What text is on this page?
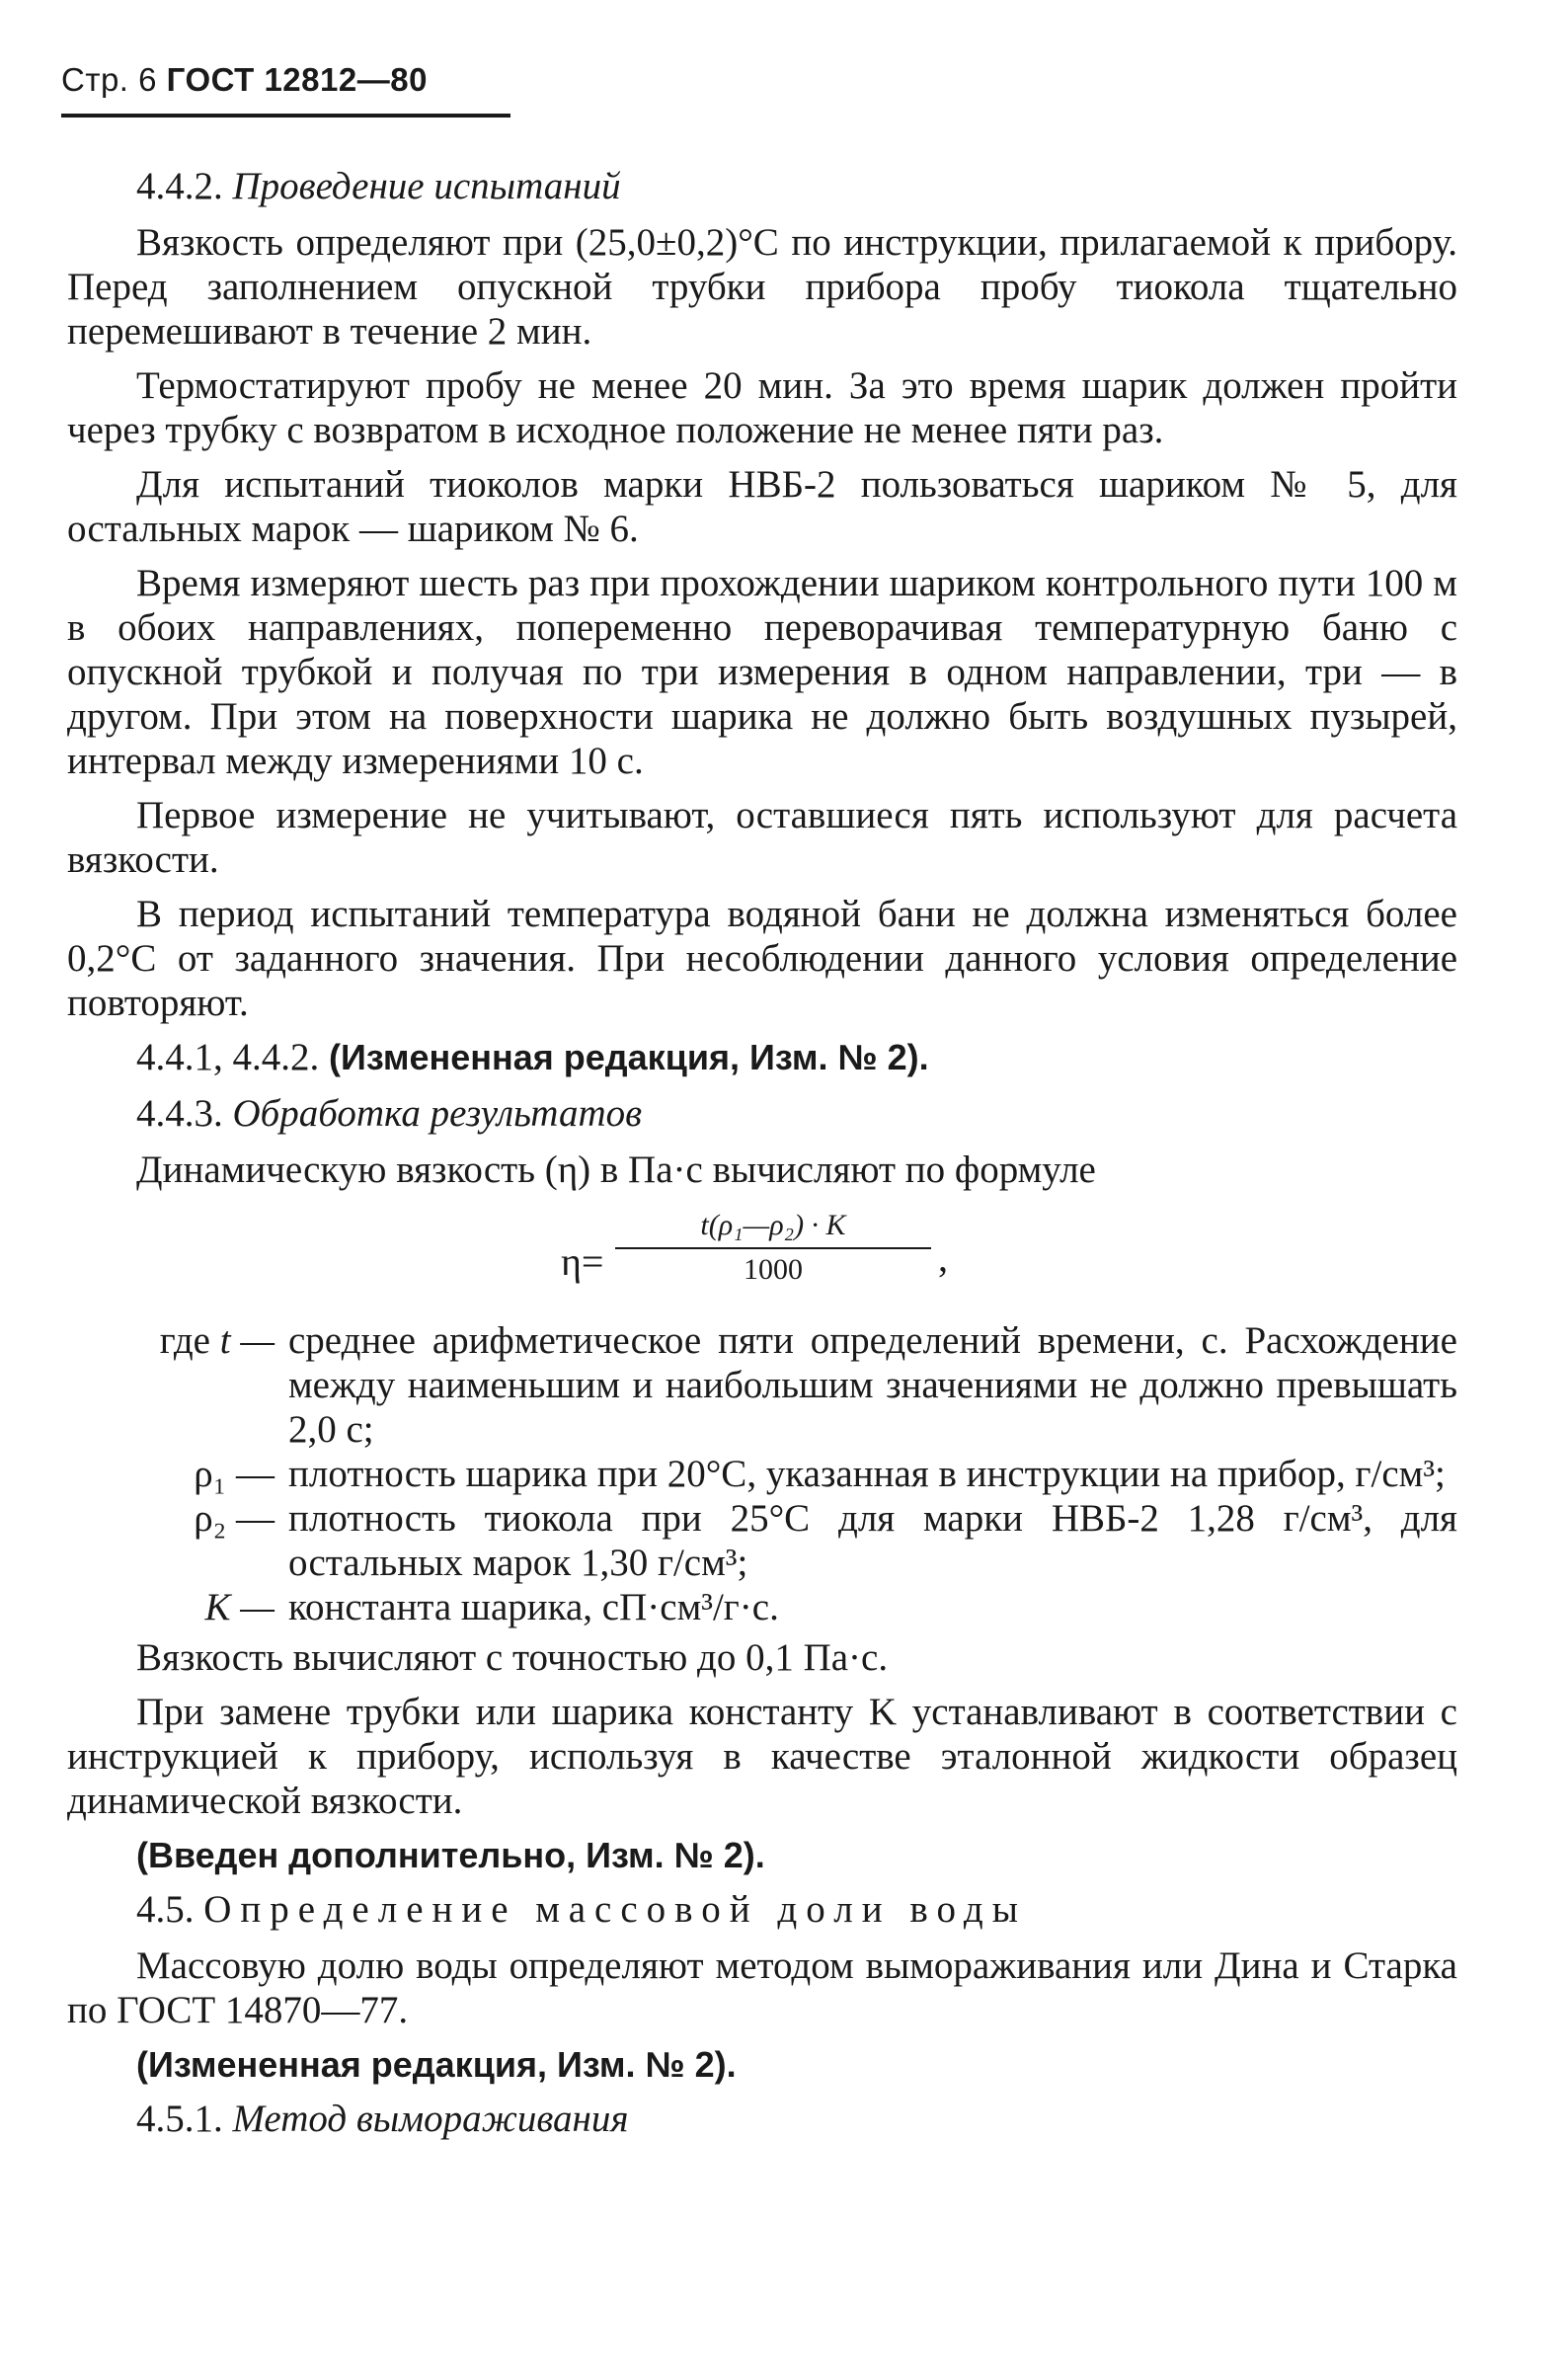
Стр. 6 ГОСТ 12812—80

4.4.2. Проведение испытаний

Вязкость определяют при (25,0±0,2)°С по инструкции, прилагаемой к прибору. Перед заполнением опускной трубки прибора пробу тиокола тщательно перемешивают в течение 2 мин.

Термостатируют пробу не менее 20 мин. За это время шарик должен пройти через трубку с возвратом в исходное положение не менее пяти раз.

Для испытаний тиоколов марки НВБ-2 пользоваться шариком № 5, для остальных марок — шариком № 6.

Время измеряют шесть раз при прохождении шариком контрольного пути 100 м в обоих направлениях, попеременно переворачивая температурную баню с опускной трубкой и получая по три измерения в одном направлении, три — в другом. При этом на поверхности шарика не должно быть воздушных пузырей, интервал между измерениями 10 с.

Первое измерение не учитывают, оставшиеся пять используют для расчета вязкости.

В период испытаний температура водяной бани не должна изменяться более 0,2°С от заданного значения. При несоблюдении данного условия определение повторяют.

4.4.1, 4.4.2. (Измененная редакция, Изм. № 2).

4.4.3. Обработка результатов

Динамическую вязкость (η) в Па·с вычисляют по формуле

η=
t(ρ₁—ρ₂) · K
1000	,
где t — среднее арифметическое пяти определений времени, с. Расхождение между наименьшим и наибольшим значениями не должно превышать 2,0 с;
ρ₁ — плотность шарика при 20°С, указанная в инструкции на прибор, г/см³;
ρ₂ — плотность тиокола при 25°С для марки НВБ-2 1,28 г/см³, для остальных марок 1,30 г/см³;
K — константа шарика, сП·см³/г·с.

Вязкость вычисляют с точностью до 0,1 Па·с.

При замене трубки или шарика константу K устанавливают в соответствии с инструкцией к прибору, используя в качестве эталонной жидкости образец динамической вязкости.

(Введен дополнительно, Изм. № 2).

4.5. Определение массовой доли воды

Массовую долю воды определяют методом вымораживания или Дина и Старка по ГОСТ 14870—77.

(Измененная редакция, Изм. № 2).

4.5.1. Метод вымораживания
